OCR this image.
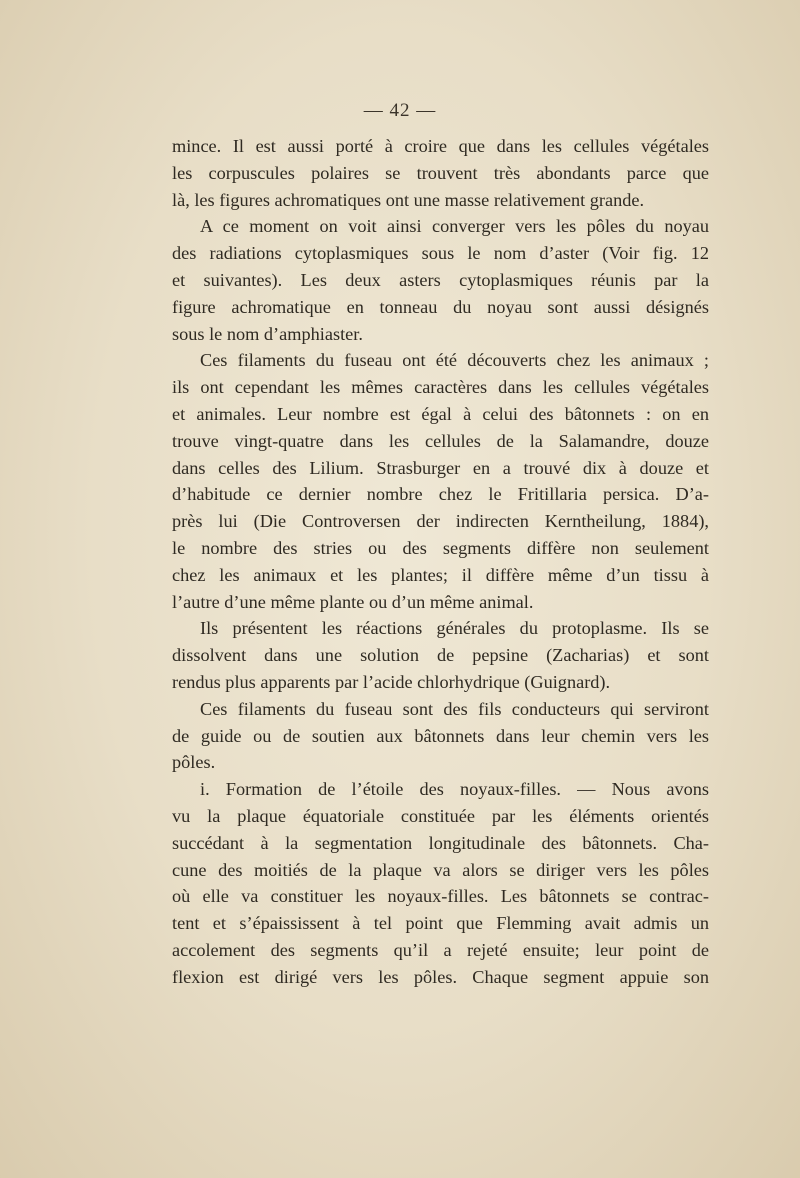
— 42 —
mince. Il est aussi porté à croire que dans les cellules végétales
les corpuscules polaires se trouvent très abondants parce que
là, les figures achromatiques ont une masse relativement grande.
A ce moment on voit ainsi converger vers les pôles du noyau
des radiations cytoplasmiques sous le nom d’aster (Voir fig. 12
et suivantes). Les deux asters cytoplasmiques réunis par la
figure achromatique en tonneau du noyau sont aussi désignés
sous le nom d’amphiaster.
Ces filaments du fuseau ont été découverts chez les animaux ;
ils ont cependant les mêmes caractères dans les cellules végétales
et animales. Leur nombre est égal à celui des bâtonnets : on en
trouve vingt-quatre dans les cellules de la Salamandre, douze
dans celles des Lilium. Strasburger en a trouvé dix à douze et
d’habitude ce dernier nombre chez le Fritillaria persica. D’a-
près lui (Die Controversen der indirecten Kerntheilung, 1884),
le nombre des stries ou des segments diffère non seulement
chez les animaux et les plantes; il diffère même d’un tissu à
l’autre d’une même plante ou d’un même animal.
Ils présentent les réactions générales du protoplasme. Ils se
dissolvent dans une solution de pepsine (Zacharias) et sont
rendus plus apparents par l’acide chlorhydrique (Guignard).
Ces filaments du fuseau sont des fils conducteurs qui serviront
de guide ou de soutien aux bâtonnets dans leur chemin vers les
pôles.
i. Formation de l’étoile des noyaux-filles. — Nous avons
vu la plaque équatoriale constituée par les éléments orientés
succédant à la segmentation longitudinale des bâtonnets. Cha-
cune des moitiés de la plaque va alors se diriger vers les pôles
où elle va constituer les noyaux-filles. Les bâtonnets se contrac-
tent et s’épaississent à tel point que Flemming avait admis un
accolement des segments qu’il a rejeté ensuite; leur point de
flexion est dirigé vers les pôles. Chaque segment appuie son
